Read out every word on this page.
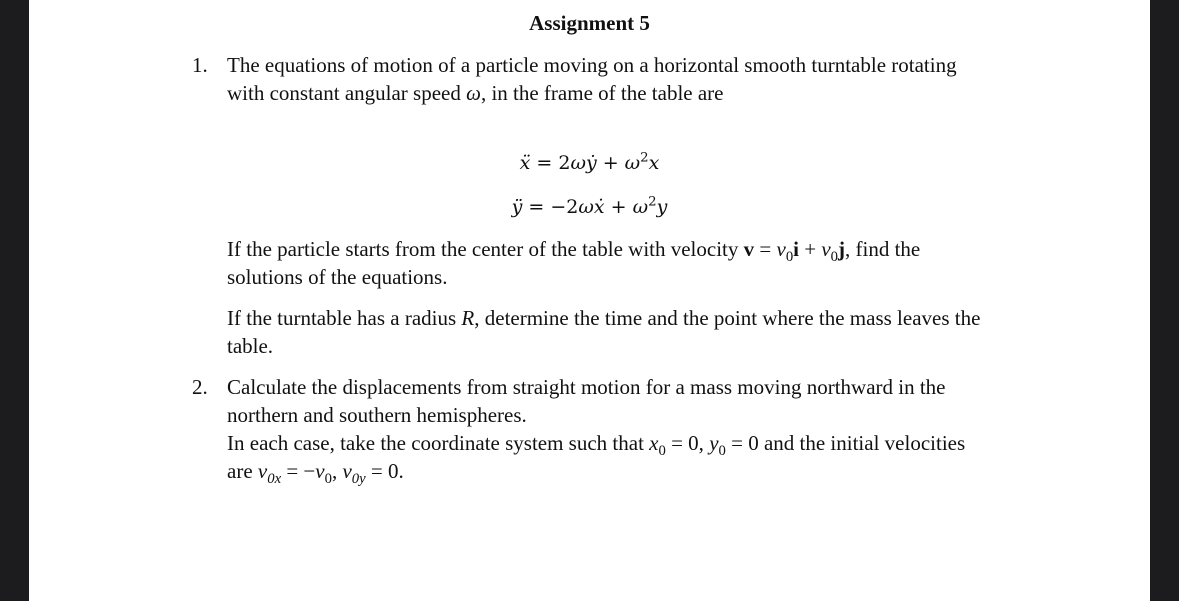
Assignment 5
1. The equations of motion of a particle moving on a horizontal smooth turntable rotating
with constant angular speed ω, in the frame of the table are
ẍ = 2ωẏ + $\omega^2x$
ÿ = −2ωẋ + $\omega^2y$
If the particle starts from the center of the table with velocity $v = v_0i + v_0j$, find the
solutions of the equations.
If the turntable has a radius R, determine the time and the point where the mass leaves the
table.
2. Calculate the displacements from straight motion for a mass moving northward in the
northern and southern hemispheres.
In each case, take the coordinate system such that $x_0 = 0$, $y_0 = 0$ and the initial velocities
are $v_{0x} = -v_0$, $v_{0y} = 0$.
